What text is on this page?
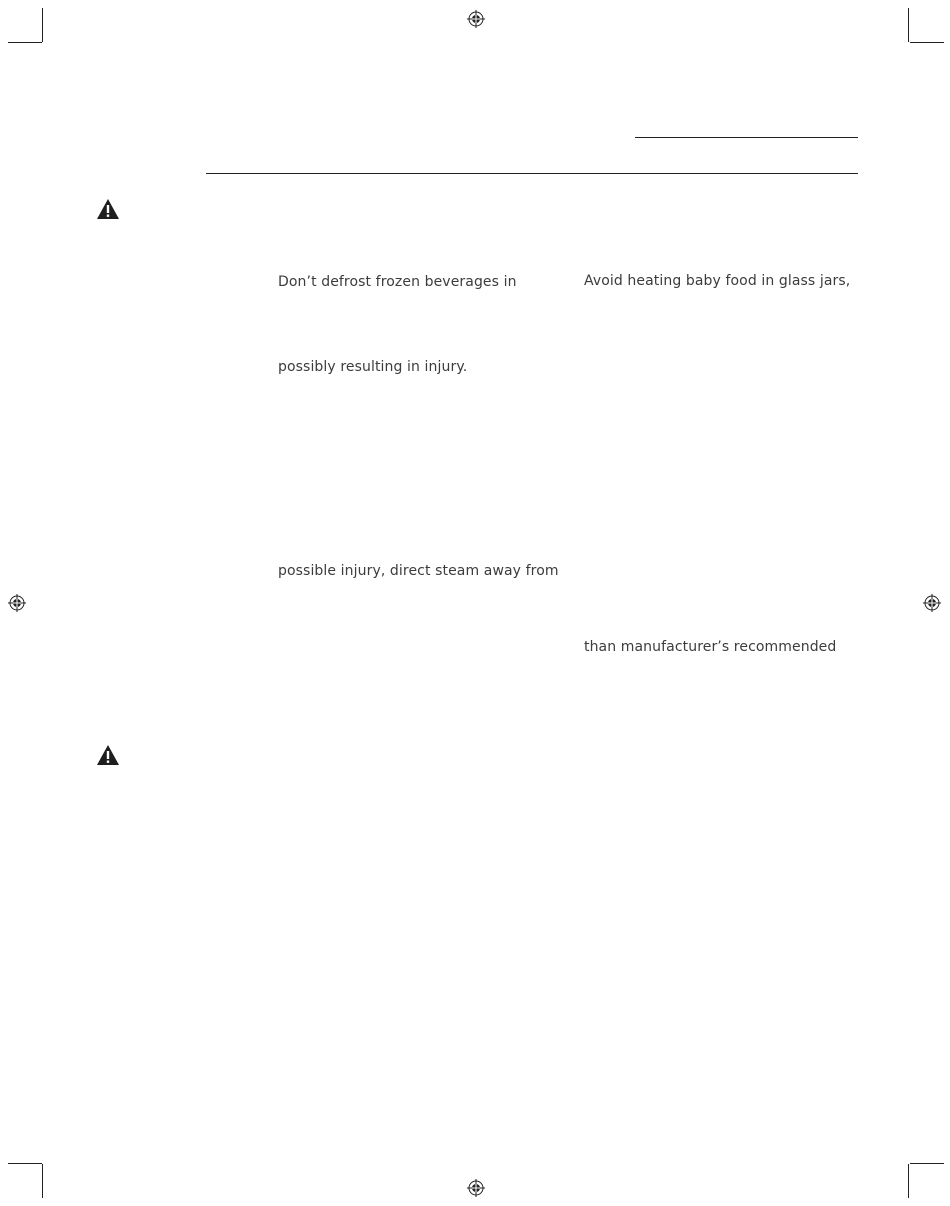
Don’t defrost frozen beverages in
possibly resulting in injury.
possible injury, direct steam away from
Avoid heating baby food in glass jars,
than manufacturer’s recommended
